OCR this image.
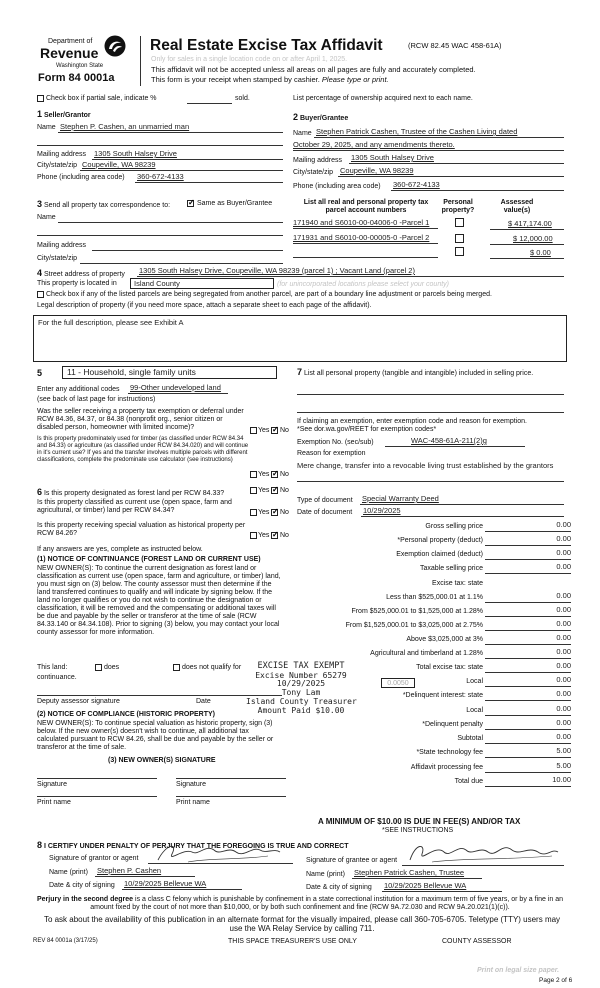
Department of
Revenue
Washington State
Form 84 0001a
Real Estate Excise Tax Affidavit	(RCW 82.45 WAC 458-61A)
Only for sales in a single location code on or after April 1, 2025.
This affidavit will not be accepted unless all areas on all pages are fully and accurately completed.
This form is your receipt when stamped by cashier. Please type or print.
Check box if partial sale, indicate %	sold.	List percentage of ownership acquired next to each name.
1 Seller/Grantor
Name Stephen P. Cashen, an unmarried man
Mailing address 1305 South Halsey Drive
City/state/zip Coupeville, WA 98239
Phone (including area code) 360-672-4133
2 Buyer/Grantee
Name Stephen Patrick Cashen, Trustee of the Cashen Living dated
October 29, 2025, and any amendments thereto.
Mailing address 1305 South Halsey Drive
City/state/zip Coupeville, WA 98239
Phone (including area code) 360-672-4133
3 Send all property tax correspondence to: ✓	Same as Buyer/Grantee
Name
Mailing address
City/state/zip
List all real and personal property tax parcel account numbers
Personal property?
Assessed value(s)
171940 and S6010-00-04006-0 -Parcel 1	$ 417,174.00
171931 and S6010-00-00005-0 -Parcel 2	$ 12,000.00
$ 0.00
4 Street address of property 1305 South Halsey Drive, Coupeville, WA 98239 (parcel 1) ; Vacant Land (parcel 2)
This property is located in	Island County	(for unincorporated locations please select your county)
Check box if any of the listed parcels are being segregated from another parcel, are part of a boundary line adjustment or parcels being merged.
Legal description of property (if you need more space, attach a separate sheet to each page of the affidavit).
For the full description, please see Exhibit A
5	11 - Household, single family units
Enter any additional codes 99-Other undeveloped land
(see back of last page for instructions)
Was the seller receiving a property tax exemption or deferral under RCW 84.36, 84.37, or 84.38 (nonprofit org., senior citizen or disabled person, homeowner with limited income)?	Yes ✓ No
Is this property predominately used for timber (as classified under RCW 84.34 and 84.33) or agriculture (as classified under RCW 84.34.020) and will continue in it's current use? If yes and the transfer involves multiple parcels with different classifications, complete the predominate use calculator (see instructions)
Yes ✓ No
6 Is this property designated as forest land per RCW 84.33?	Yes ✓ No
Is this property classified as current use (open space, farm and agricultural, or timber) land per RCW 84.34?	Yes ✓ No
Is this property receiving special valuation as historical property per RCW 84.26?	Yes ✓ No
If any answers are yes, complete as instructed below.
(1) NOTICE OF CONTINUANCE (FOREST LAND OR CURRENT USE)
NEW OWNER(S): To continue the current designation as forest land or classification as current use (open space, farm and agriculture, or timber) land, you must sign on (3) below. The county assessor must then determine if the land transferred continues to qualify and will indicate by signing below. If the land no longer qualifies or you do not wish to continue the designation or classification, it will be removed and the compensating or additional taxes will be due and payable by the seller or transferor at the time of sale (RCW 84.33.140 or 84.34.108). Prior to signing (3) below, you may contact your local county assessor for more information.
This land:	does	does not qualify for
continuance.
Deputy assessor signature	Date
(2) NOTICE OF COMPLIANCE (HISTORIC PROPERTY)
NEW OWNER(S): To continue special valuation as historic property, sign (3) below. If the new owner(s) doesn't wish to continue, all additional tax calculated pursuant to RCW 84.26, shall be due and payable by the seller or transferor at the time of sale.
(3) NEW OWNER(S) SIGNATURE
Signature	Signature
Print name	Print name
EXCISE TAX EXEMPT
Excise Number 65279
10/29/2025
Tony Lam
Island County Treasurer
Amount Paid $10.00
7 List all personal property (tangible and intangible) included in selling price.
If claiming an exemption, enter exemption code and reason for exemption. *See dor.wa.gov/REET for exemption codes*
Exemption No. (sec/sub)	WAC-458-61A-211(2)g
Reason for exemption
Mere change, transfer into a revocable living trust established by the grantors
Type of document Special Warranty Deed
Date of document 10/29/2025
Gross selling price	0.00
*Personal property (deduct)	0.00
Exemption claimed (deduct)	0.00
Taxable selling price	0.00
Excise tax: state
Less than $525,000.01 at 1.1%	0.00
From $525,000.01 to $1,525,000 at 1.28%	0.00
From $1,525,000.01 to $3,025,000 at 2.75%	0.00
Above $3,025,000 at 3%	0.00
Agricultural and timberland at 1.28%	0.00
Total excise tax: state	0.00
Local	0.00
*Delinquent interest: state	0.00
Local	0.00
*Delinquent penalty	0.00
Subtotal	0.00
*State technology fee	5.00
Affidavit processing fee	5.00
Total due	10.00
0.0050
A MINIMUM OF $10.00 IS DUE IN FEE(S) AND/OR TAX
*SEE INSTRUCTIONS
8 I CERTIFY UNDER PENALTY OF PERJURY THAT THE FOREGOING IS TRUE AND CORRECT
Signature of grantor or agent
Name (print) Stephen P. Cashen
Date & city of signing 10/29/2025 Bellevue WA
Signature of grantee or agent
Name (print) Stephen Patrick Cashen, Trustee
Date & city of signing 10/29/2025 Bellevue WA
Perjury in the second degree is a class C felony which is punishable by confinement in a state correctional institution for a maximum term of five years, or by a fine in an amount fixed by the court of not more than $10,000, or by both such confinement and fine (RCW 9A.72.030 and RCW 9A.20.021(1)(c)).
To ask about the availability of this publication in an alternate format for the visually impaired, please call 360-705-6705. Teletype (TTY) users may use the WA Relay Service by calling 711.
REV 84 0001a (3/17/25)	THIS SPACE TREASURER'S USE ONLY	COUNTY ASSESSOR
Print on legal size paper.
Page 2 of 6
